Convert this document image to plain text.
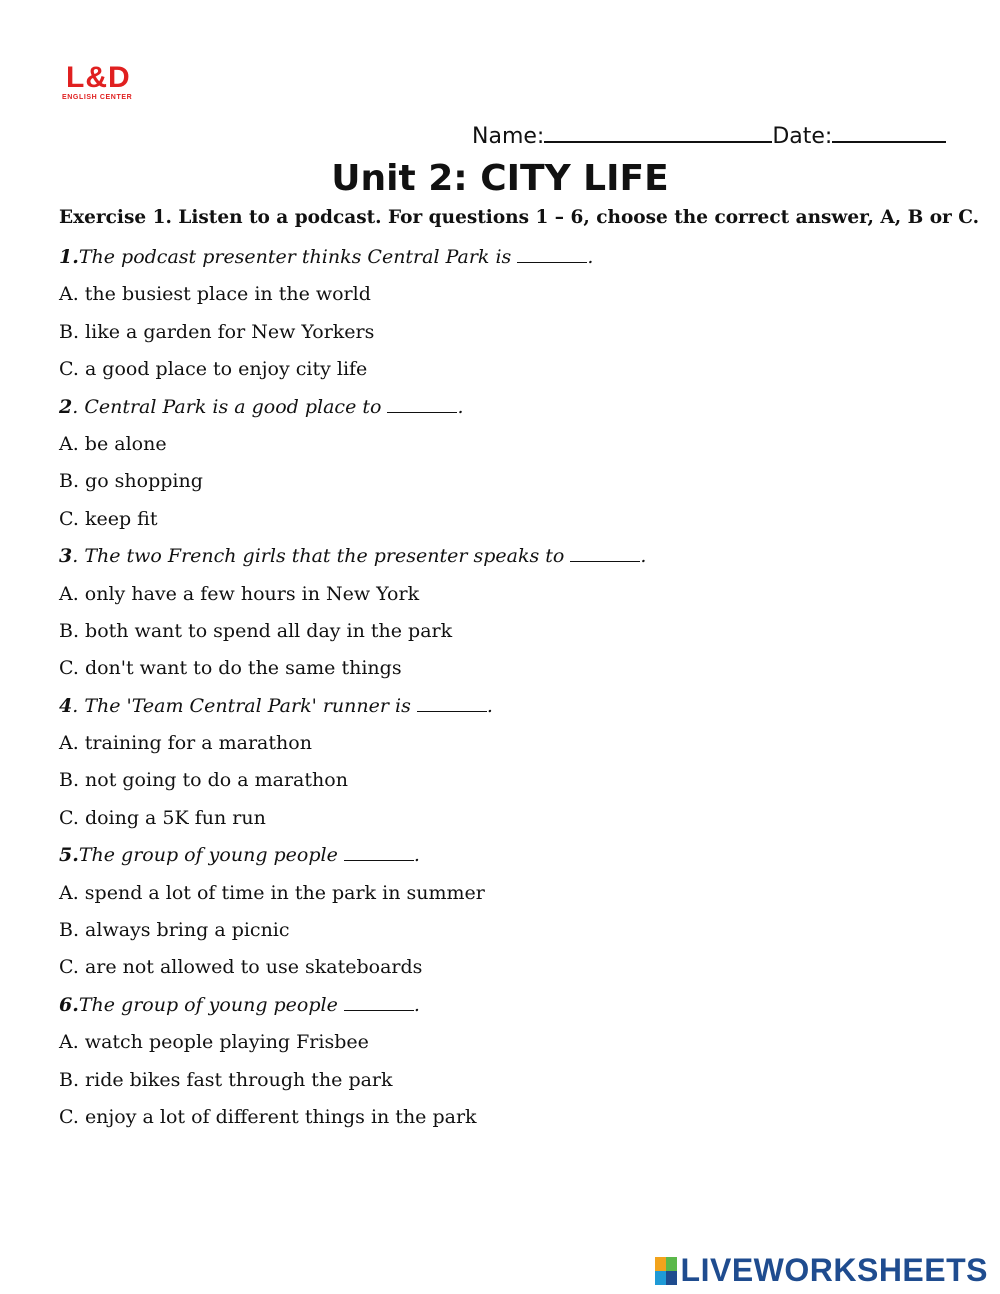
L&D
ENGLISH CENTER
Name:	Date:
Unit 2: CITY LIFE
Exercise 1. Listen to a podcast. For questions 1 – 6, choose the correct answer, A, B or C.
1.The podcast presenter thinks Central Park is	.
A. the busiest place in the world
B. like a garden for New Yorkers
C. a good place to enjoy city life
2. Central Park is a good place to	.
A. be alone
B. go shopping
C. keep fit
3. The two French girls that the presenter speaks to	.
A. only have a few hours in New York
B. both want to spend all day in the park
C. don't want to do the same things
4. The 'Team Central Park' runner is	.
A. training for a marathon
B. not going to do a marathon
C. doing a 5K fun run
5.The group of young people	.
A. spend a lot of time in the park in summer
B. always bring a picnic
C. are not allowed to use skateboards
6.The group of young people	.
A. watch people playing Frisbee
B. ride bikes fast through the park
C. enjoy a lot of different things in the park
LIVEWORKSHEETS
